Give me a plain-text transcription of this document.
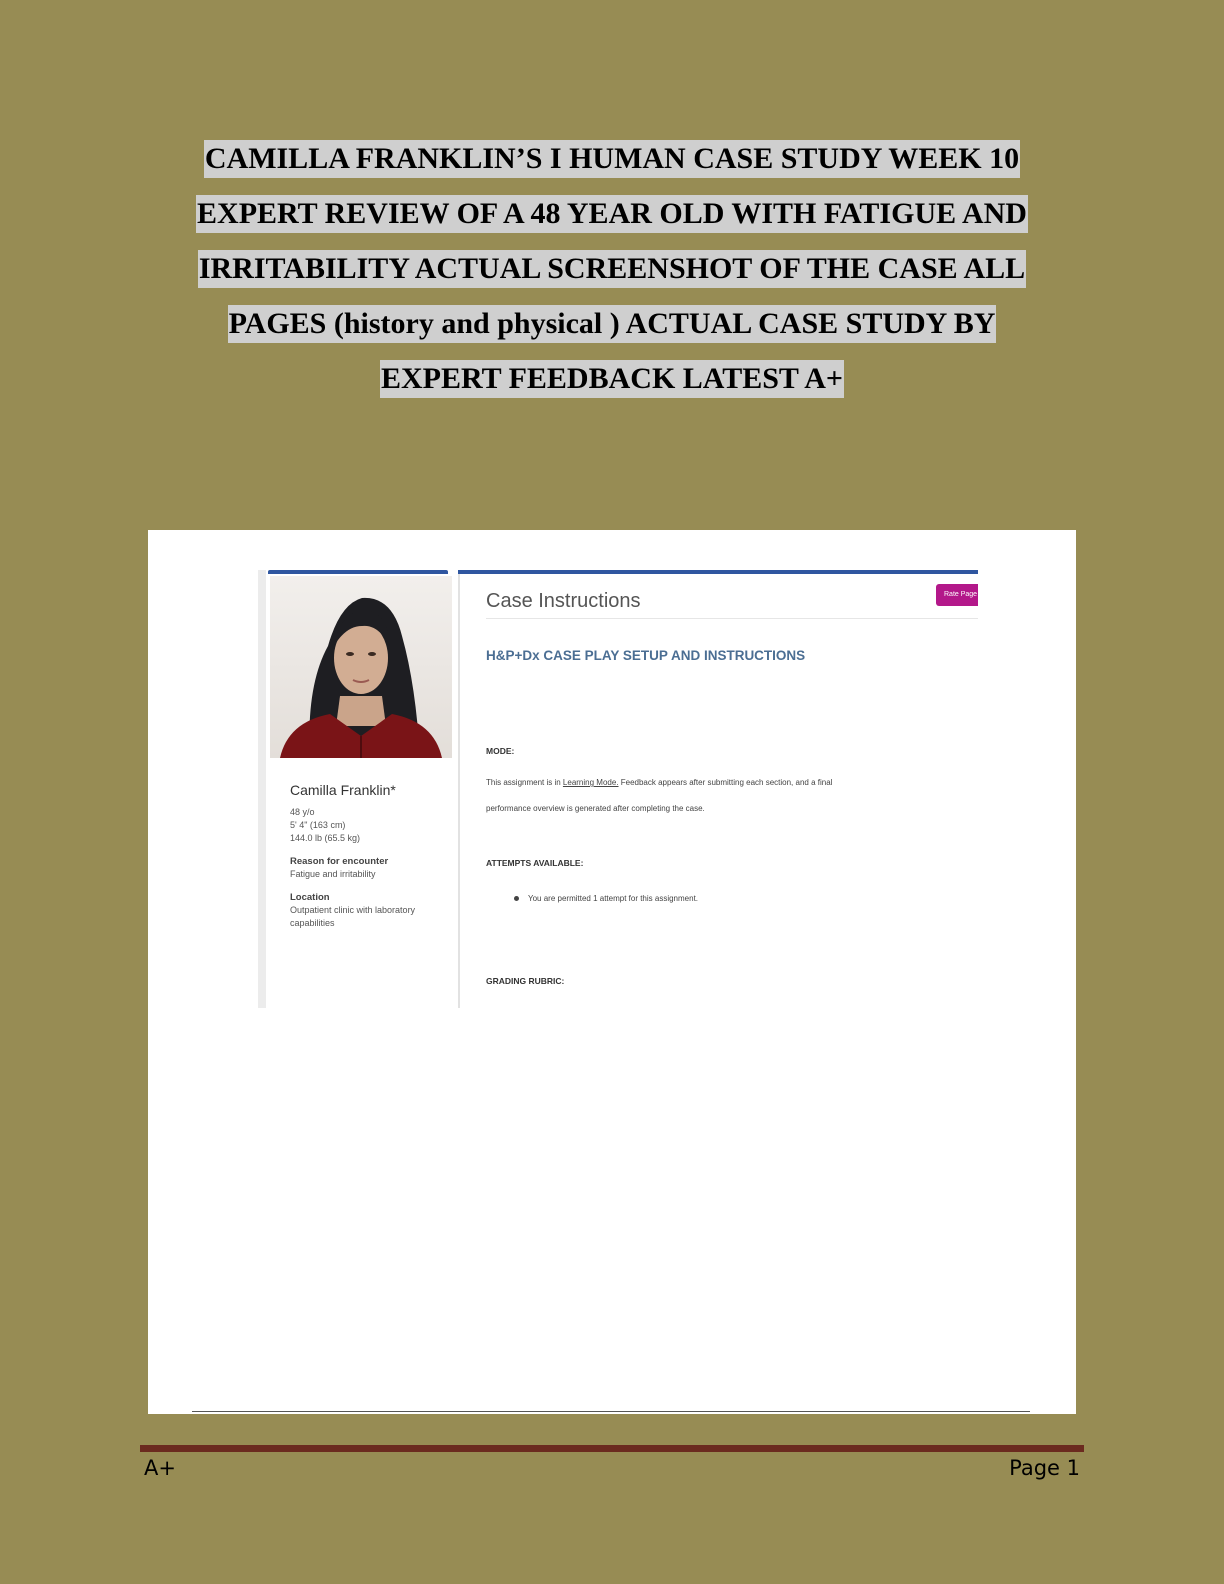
CAMILLA FRANKLIN’S I HUMAN CASE STUDY WEEK 10
EXPERT REVIEW OF A 48 YEAR OLD WITH FATIGUE AND
IRRITABILITY ACTUAL SCREENSHOT OF THE CASE ALL
PAGES (history and physical ) ACTUAL CASE STUDY BY
EXPERT FEEDBACK LATEST A+
Camilla Franklin*
48 y/o
5' 4" (163 cm)
144.0 lb (65.5 kg)
Reason for encounter
Fatigue and irritability
Location
Outpatient clinic with laboratory capabilities
Case Instructions	Rate Page
H&P+Dx CASE PLAY SETUP AND INSTRUCTIONS
MODE:
This assignment is in Learning Mode. Feedback appears after submitting each section, and a final
performance overview is generated after completing the case.
ATTEMPTS AVAILABLE:
You are permitted 1 attempt for this assignment.
GRADING RUBRIC:
A+	Page 1
